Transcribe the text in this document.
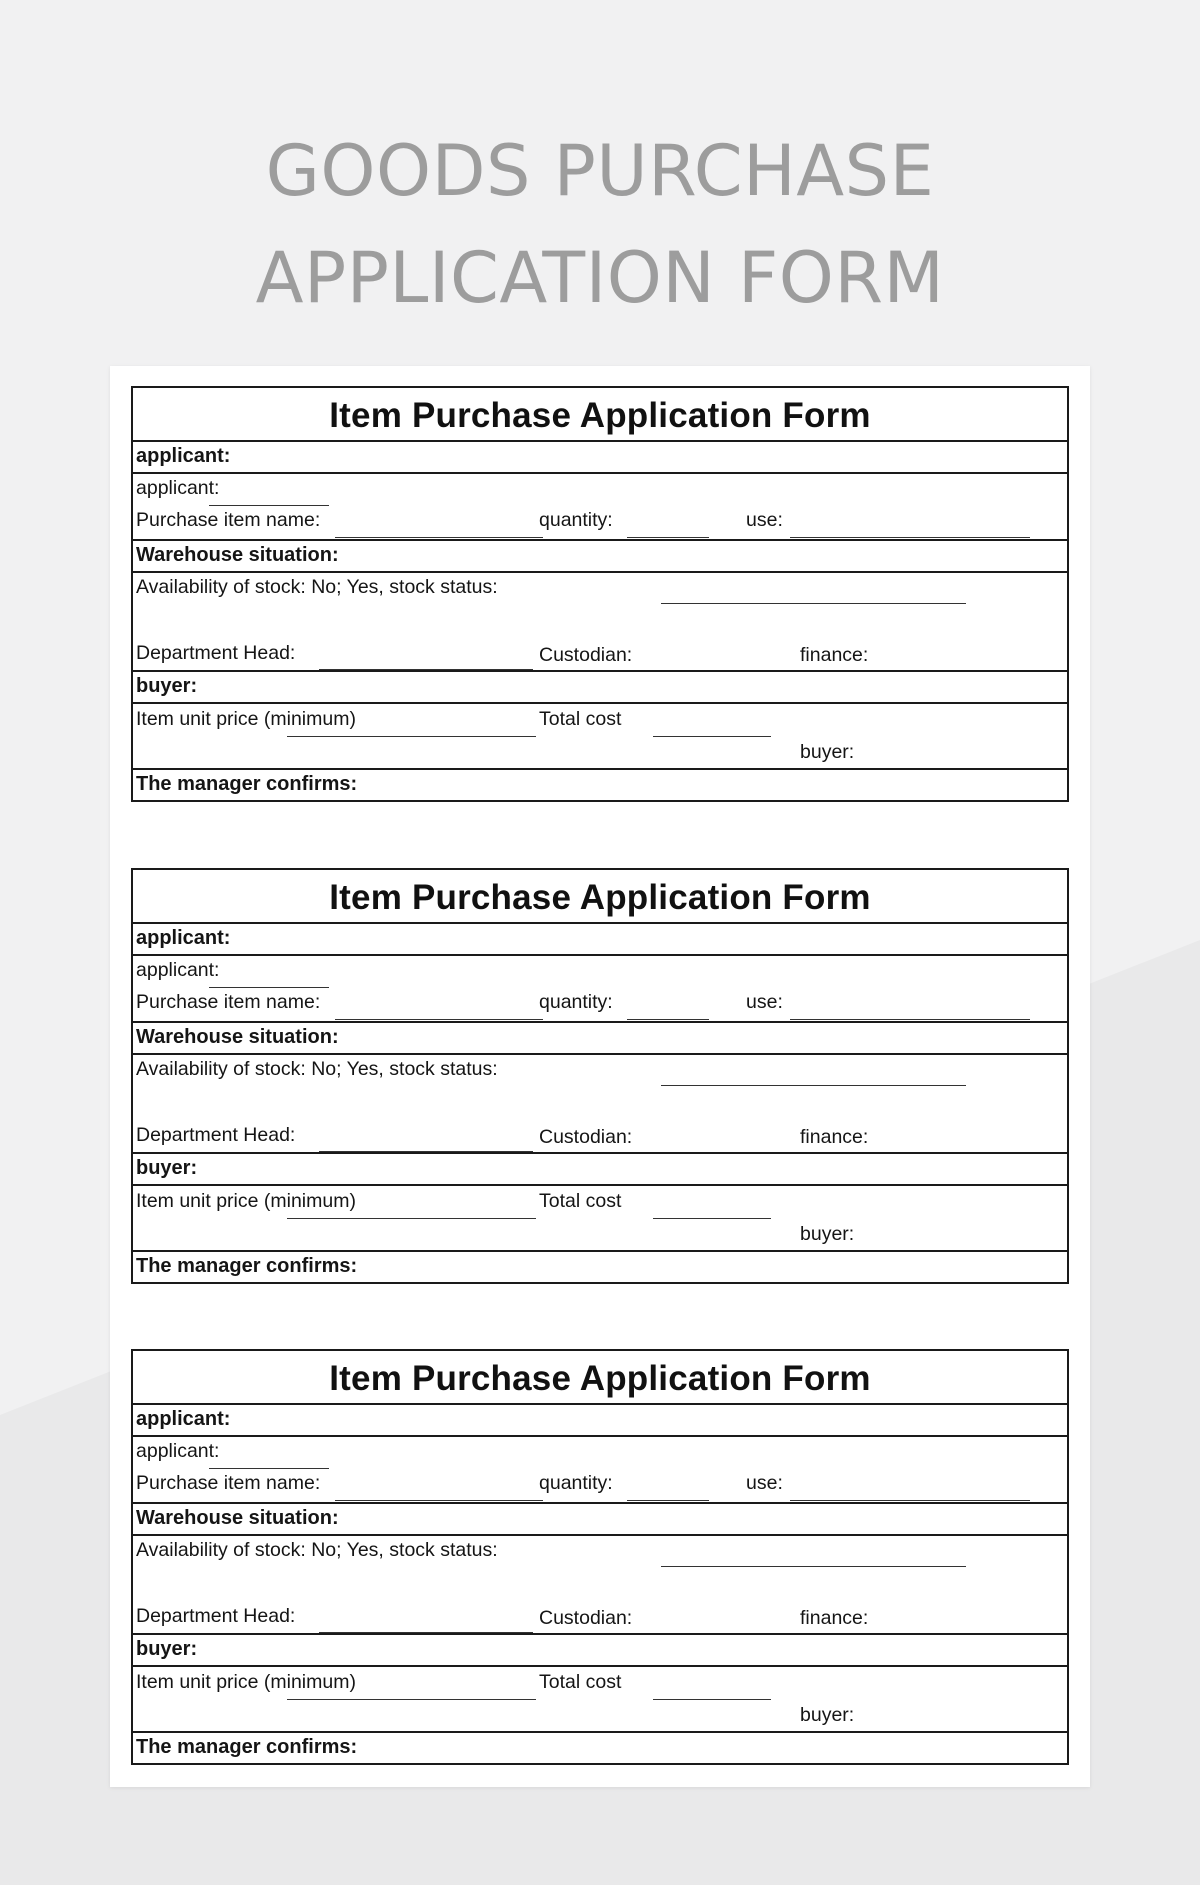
GOODS PURCHASE
APPLICATION FORM
Item Purchase Application Form
applicant:
applicant:
Purchase item name:	quantity:	use:
Warehouse situation:
Availability of stock: No; Yes, stock status:
Department Head:	Custodian:	finance:
buyer:
Item unit price (minimum)	Total cost
buyer:
The manager confirms:
Item Purchase Application Form
applicant:
applicant:
Purchase item name:	quantity:	use:
Warehouse situation:
Availability of stock: No; Yes, stock status:
Department Head:	Custodian:	finance:
buyer:
Item unit price (minimum)	Total cost
buyer:
The manager confirms:
Item Purchase Application Form
applicant:
applicant:
Purchase item name:	quantity:	use:
Warehouse situation:
Availability of stock: No; Yes, stock status:
Department Head:	Custodian:	finance:
buyer:
Item unit price (minimum)	Total cost
buyer:
The manager confirms:
